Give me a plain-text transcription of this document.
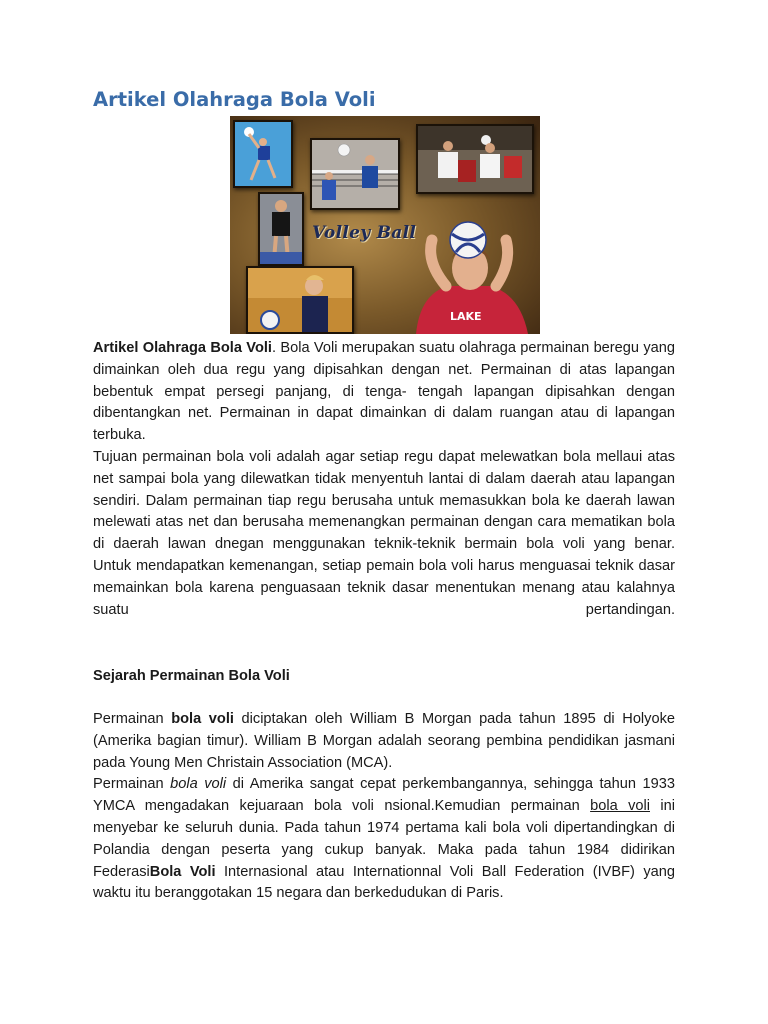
Artikel Olahraga Bola Voli
LAKE
Volley Ball

Artikel Olahraga Bola Voli. Bola Voli merupakan suatu olahraga permainan beregu yang dimainkan oleh dua regu yang dipisahkan dengan net. Permainan di atas lapangan bebentuk empat persegi panjang, di tenga- tengah lapangan dipisahkan dengan dibentangkan net. Permainan in dapat dimainkan di dalam ruangan atau di lapangan terbuka.

Tujuan permainan bola voli adalah agar setiap regu dapat melewatkan bola mellaui atas net sampai bola yang dilewatkan tidak menyentuh lantai di dalam daerah atau lapangan sendiri. Dalam permainan tiap regu berusaha untuk memasukkan bola ke daerah lawan melewati atas net dan berusaha memenangkan permainan dengan cara mematikan bola di daerah lawan dnegan menggunakan teknik-teknik bermain bola voli yang benar.

Untuk mendapatkan kemenangan, setiap pemain bola voli harus menguasai teknik dasar memainkan bola karena penguasaan teknik dasar menentukan menang atau kalahnya suatu pertandingan.

Sejarah Permainan Bola Voli

Permainan bola voli diciptakan oleh William B Morgan pada tahun 1895 di Holyoke (Amerika bagian timur). William B Morgan adalah seorang pembina pendidikan jasmani pada Young Men Christain Association (MCA).

Permainan bola voli di Amerika sangat cepat perkembangannya, sehingga tahun 1933 YMCA mengadakan kejuaraan bola voli nsional.Kemudian permainan bola voli ini menyebar ke seluruh dunia. Pada tahun 1974 pertama kali bola voli dipertandingkan di Polandia dengan peserta yang cukup banyak. Maka pada tahun 1984 didirikan FederasiBola Voli Internasional atau Internationnal Voli Ball Federation (IVBF) yang waktu itu beranggotakan 15 negara dan berkedudukan di Paris.
